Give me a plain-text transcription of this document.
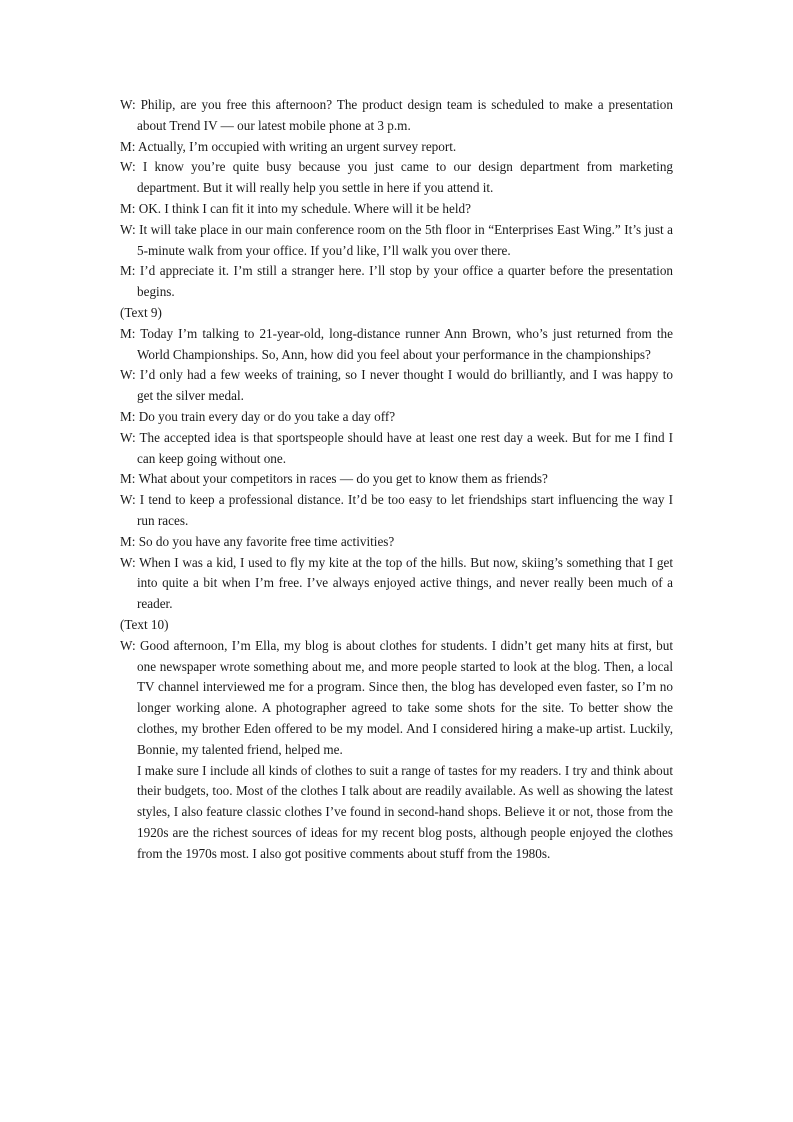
W: Philip, are you free this afternoon? The product design team is scheduled to make a presentation about Trend IV — our latest mobile phone at 3 p.m.

M: Actually, I’m occupied with writing an urgent survey report.

W: I know you’re quite busy because you just came to our design department from marketing department. But it will really help you settle in here if you attend it.

M: OK. I think I can fit it into my schedule. Where will it be held?

W: It will take place in our main conference room on the 5th floor in “Enterprises East Wing.” It’s just a 5-minute walk from your office. If you’d like, I’ll walk you over there.

M: I’d appreciate it. I’m still a stranger here. I’ll stop by your office a quarter before the presentation begins.

(Text 9)

M: Today I’m talking to 21-year-old, long-distance runner Ann Brown, who’s just returned from the World Championships. So, Ann, how did you feel about your performance in the championships?

W: I’d only had a few weeks of training, so I never thought I would do brilliantly, and I was happy to get the silver medal.

M: Do you train every day or do you take a day off?

W: The accepted idea is that sportspeople should have at least one rest day a week. But for me I find I can keep going without one.

M: What about your competitors in races — do you get to know them as friends?

W: I tend to keep a professional distance. It’d be too easy to let friendships start influencing the way I run races.

M: So do you have any favorite free time activities?

W: When I was a kid, I used to fly my kite at the top of the hills. But now, skiing’s something that I get into quite a bit when I’m free. I’ve always enjoyed active things, and never really been much of a reader.

(Text 10)

W: Good afternoon, I’m Ella, my blog is about clothes for students. I didn’t get many hits at first, but one newspaper wrote something about me, and more people started to look at the blog. Then, a local TV channel interviewed me for a program. Since then, the blog has developed even faster, so I’m no longer working alone. A photographer agreed to take some shots for the site. To better show the clothes, my brother Eden offered to be my model. And I considered hiring a make-up artist. Luckily, Bonnie, my talented friend, helped me.

I make sure I include all kinds of clothes to suit a range of tastes for my readers. I try and think about their budgets, too. Most of the clothes I talk about are readily available. As well as showing the latest styles, I also feature classic clothes I’ve found in second-hand shops. Believe it or not, those from the 1920s are the richest sources of ideas for my recent blog posts, although people enjoyed the clothes from the 1970s most. I also got positive comments about stuff from the 1980s.
